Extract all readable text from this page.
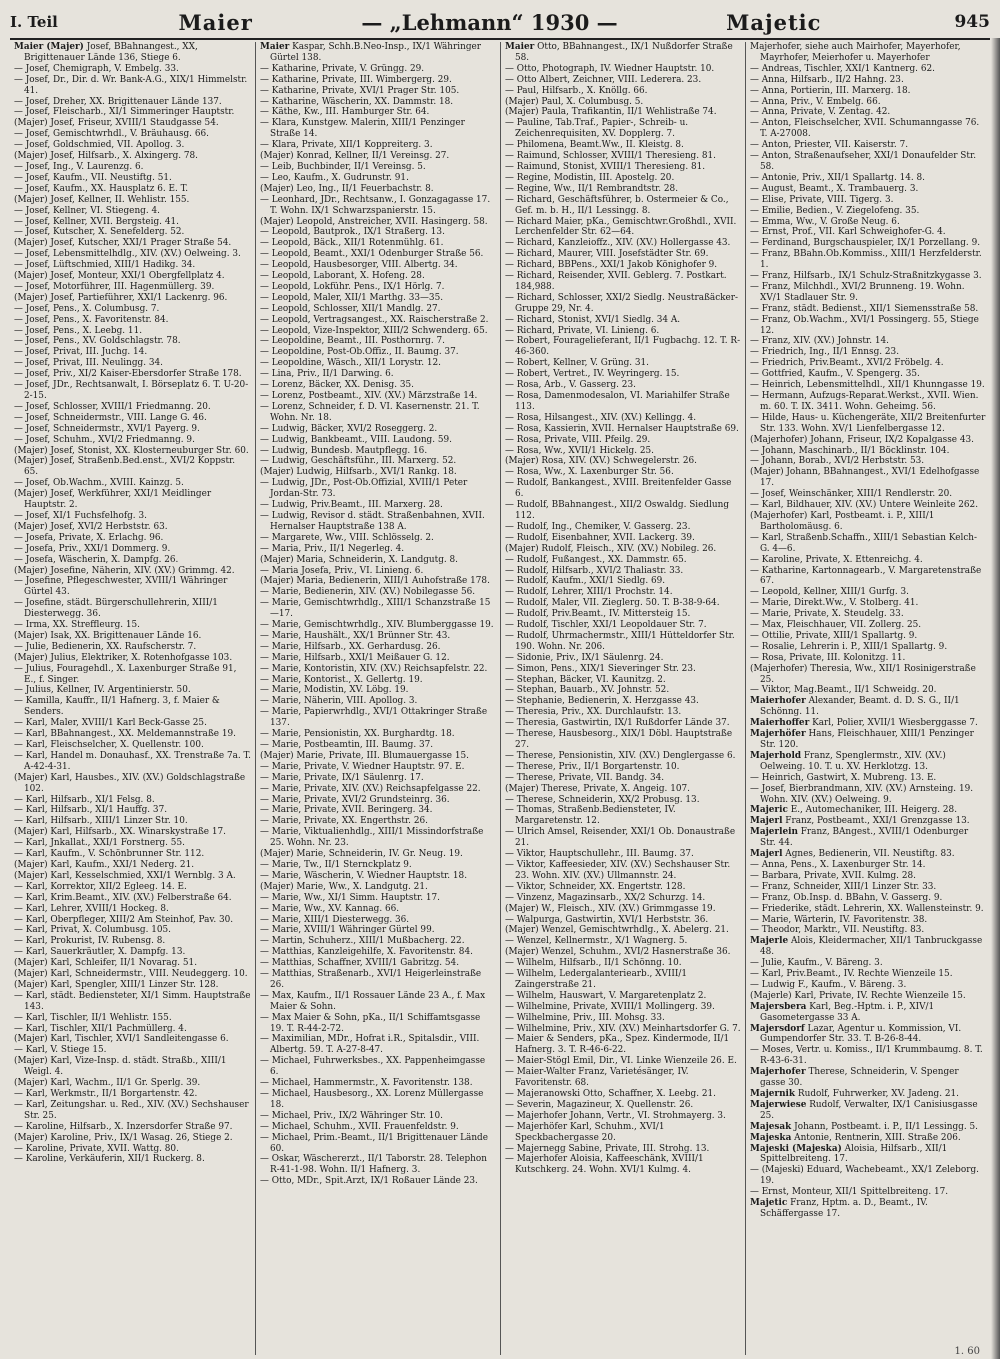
I. Teil	Maier	— „Lehmann“ 1930 —	Majetic	945

Maier (Majer) Josef, BBahnangest., XX, Brigittenauer Lände 136, Stiege 6.

— Josef, Chemigraph, V. Embelg. 33.

— Josef, Dr., Dir. d. Wr. Bank-A.G., XIX/1 Himmelstr. 41.

— Josef, Dreher, XX. Brigittenauer Lände 137.

— Josef, Fleischarb., XI/1 Simmeringer Hauptstr.

(Majer) Josef, Friseur, XVIII/1 Staudgasse 54.

— Josef, Gemischtwrhdl., V. Bräuhausg. 66.

— Josef, Goldschmied, VII. Apollog. 3.

(Majer) Josef, Hilfsarb., X. Alxingerg. 78.

— Josef, Ing., V. Laurenzg. 6.

— Josef, Kaufm., VII. Neustiftg. 51.

— Josef, Kaufm., XX. Hausplatz 6. E. T.

(Majer) Josef, Kellner, II. Wehlistr. 155.

— Josef, Kellner, VI. Stiegeng. 4.

— Josef, Kellner, XVII. Bergsteig. 41.

— Josef, Kutscher, X. Senefelderg. 52.

(Majer) Josef, Kutscher, XXI/1 Prager Straße 54.

— Josef, Lebensmittelhdlg., XIV. (XV.) Oelweing. 3.

— Josef, Lüftschmied, XIII/1 Hadikg. 34.

(Majer) Josef, Monteur, XXI/1 Obergfellplatz 4.

— Josef, Motorführer, III. Hagenmüllerg. 39.

(Majer) Josef, Partieführer, XXI/1 Lackenrg. 96.

— Josef, Pens., X. Columbusg. 7.

— Josef, Pens., X. Favoritenstr. 84.

— Josef, Pens., X. Leebg. 11.

— Josef, Pens., XV. Goldschlagstr. 78.

— Josef, Privat, III. Juchg. 14.

— Josef, Privat, III. Neulingg. 34.

— Josef, Priv., XI/2 Kaiser-Ebersdorfer Straße 178.

— Josef, JDr., Rechtsanwalt, I. Börseplatz 6. T. U-20-2-15.

— Josef, Schlosser, XVIII/1 Friedmanng. 20.

— Josef, Schneidermstr., VIII. Lange G. 46.

— Josef, Schneidermstr., XVI/1 Payerg. 9.

— Josef, Schuhm., XVI/2 Friedmanng. 9.

(Majer) Josef, Stonist, XX. Klosterneuburger Str. 60.

(Majer) Josef, Straßenb.Bed.enst., XVI/2 Koppstr. 65.

— Josef, Ob.Wachm., XVIII. Kainzg. 5.

(Majer) Josef, Werkführer, XXI/1 Meidlinger Hauptstr. 2.

— Josef, XI/1 Fuchsfelhofg. 3.

(Majer) Josef, XVI/2 Herbststr. 63.

— Josefa, Private, X. Erlachg. 96.

— Josefa, Priv., XXI/1 Dommerg. 9.

— Josefa, Wäscherin, X. Dampfg. 26.

(Majer) Josefine, Näherin, XIV. (XV.) Grimmg. 42.

— Josefine, Pflegeschwester, XVIII/1 Währinger Gürtel 43.

— Josefine, städt. Bürgerschullehrerin, XIII/1 Diesterwegg. 36.

— Irma, XX. Streffleurg. 15.

(Majer) Isak, XX. Brigittenauer Lände 16.

— Julie, Bedienerin, XX. Raufscherstr. 7.

(Majer) Julius, Elektriker, X. Rotenhofgasse 103.

— Julius, Fouragehdl., X. Laxenburger Straße 91, E., f. Singer.

— Julius, Kellner, IV. Argentinierstr. 50.

— Kamilla, Kauffr., II/1 Hafnerg. 3, f. Maier & Senders.

— Karl, Maler, XVIII/1 Karl Beck-Gasse 25.

— Karl, BBahnangest., XX. Meldemannstraße 19.

— Karl, Fleischselcher, X. Quellenstr. 100.

— Karl, Handel m. Donauhasf., XX. Trenstraße 7a. T. A-42-4-31.

(Majer) Karl, Hausbes., XIV. (XV.) Goldschlagstraße 102.

— Karl, Hilfsarb., XI/1 Felsg. 8.

— Karl, Hilfsarb., XI/1 Hauffg. 37.

— Karl, Hilfsarb., XIII/1 Linzer Str. 10.

(Majer) Karl, Hilfsarb., XX. Winarskystraße 17.

— Karl, Jnkallat., XXI/1 Forstnerg. 55.

— Karl, Kaufm., V. Schönbrunner Str. 112.

(Majer) Karl, Kaufm., XXI/1 Nederg. 21.

(Majer) Karl, Kesselschmied, XXI/1 Wernblg. 3 A.

— Karl, Korrektor, XII/2 Egleeg. 14. E.

— Karl, Krim.Beamt., XIV. (XV.) Felberstraße 64.

— Karl, Lehrer, XVIII/1 Hockeg. 8.

— Karl, Oberpfleger, XIII/2 Am Steinhof, Pav. 30.

— Karl, Privat, X. Columbusg. 105.

— Karl, Prokurist, IV. Rubensg. 8.

— Karl, Sauerkräutler, X. Dampfg. 13.

(Majer) Karl, Schleifer, II/1 Novarag. 51.

(Majer) Karl, Schneidermstr., VIII. Neudeggerg. 10.

(Majer) Karl, Spengler, XIII/1 Linzer Str. 128.

— Karl, städt. Bediensteter, XI/1 Simm. Hauptstraße 143.

— Karl, Tischler, II/1 Wehlistr. 155.

— Karl, Tischler, XII/1 Pachmüllerg. 4.

(Majer) Karl, Tischler, XVI/1 Sandleitengasse 6.

— Karl, V. Stiege 15.

(Majer) Karl, Vize-Insp. d. städt. Straßb., XIII/1 Weigl. 4.

(Majer) Karl, Wachm., II/1 Gr. Sperlg. 39.

— Karl, Werkmstr., II/1 Borgartenstr. 42.

— Karl, Zeitungshar. u. Red., XIV. (XV.) Sechshauser Str. 25.

— Karoline, Hilfsarb., X. Inzersdorfer Straße 97.

(Majer) Karoline, Priv., IX/1 Wasag. 26, Stiege 2.

— Karoline, Private, XVII. Wattg. 80.

— Karoline, Verkäuferin, XII/1 Ruckerg. 8.

Maier Kaspar, Schh.B.Neo-Insp., IX/1 Währinger Gürtel 138.

— Katharine, Private, V. Grüngg. 29.

— Katharine, Private, III. Wimbergerg. 29.

— Katharine, Private, XVI/1 Prager Str. 105.

— Katharine, Wäscherin, XX. Dammstr. 18.

— Käthe, Kw., III. Hamburger Str. 64.

— Klara, Kunstgew. Malerin, XIII/1 Penzinger Straße 14.

— Klara, Private, XII/1 Koppreiterg. 3.

(Majer) Konrad, Kellner, II/1 Vereinsg. 27.

— Leib, Buchbinder, II/1 Vereinsg. 5.

— Leo, Kaufm., X. Gudrunstr. 91.

(Majer) Leo, Ing., II/1 Feuerbachstr. 8.

— Leonhard, JDr., Rechtsanw., I. Gonzagagasse 17. T. Wohn. IX/1 Schwarzspanierstr. 15.

(Majer) Leopold, Anstreicher, XVII. Hasingerg. 58.

— Leopold, Bautprok., IX/1 Straßerg. 13.

— Leopold, Bäck., XII/1 Rotenmühlg. 61.

— Leopold, Beamt., XXI/1 Odenburger Straße 56.

— Leopold, Hausbesorger, VIII. Albertg. 34.

— Leopold, Laborant, X. Hofeng. 28.

— Leopold, Lokführ. Pens., IX/1 Hörlg. 7.

— Leopold, Maler, XII/1 Marthg. 33—35.

— Leopold, Schlosser, XII/1 Mandlg. 27.

— Leopold, Vertragsangest., XX. Raischerstraße 2.

— Leopold, Vize-Inspektor, XIII/2 Schwenderg. 65.

— Leopoldine, Beamt., III. Posthornrg. 7.

— Leopoldine, Post-Ob.Offiz., II. Baumg. 37.

— Leopoldine, Wäsch., XII/1 Lorystr. 12.

— Lina, Priv., II/1 Darwing. 6.

— Lorenz, Bäcker, XX. Denisg. 35.

— Lorenz, Postbeamt., XIV. (XV.) Märzstraße 14.

— Lorenz, Schneider, f. D. VI. Kasernenstr. 21. T. Wohn. Nr. 18.

— Ludwig, Bäcker, XVI/2 Roseggerg. 2.

— Ludwig, Bankbeamt., VIII. Laudong. 59.

— Ludwig, Bundesb. Mautpflegg. 16.

— Ludwig, Geschäftsführ., III. Marxerg. 52.

(Majer) Ludwig, Hilfsarb., XVI/1 Rankg. 18.

— Ludwig, JDr., Post-Ob.Offizial, XVIII/1 Peter Jordan-Str. 73.

— Ludwig, Priv.Beamt., III. Marxerg. 28.

— Ludwig, Revisor d. städt. Straßenbahnen, XVII. Hernalser Hauptstraße 138 A.

— Margarete, Ww., VIII. Schlösselg. 2.

— Maria, Priv., II/1 Negerleg. 4.

(Majer) Maria, Schneiderin, X. Landgutg. 8.

— Maria Josefa, Priv., VI. Linieng. 6.

(Majer) Maria, Bedienerin, XIII/1 Auhofstraße 178.

— Marie, Bedienerin, XIV. (XV.) Nobilegasse 56.

— Marie, Gemischtwrhdlg., XIII/1 Schanzstraße 15—17.

— Marie, Gemischtwrhdlg., XIV. Blumberggasse 19.

— Marie, Haushält., XX/1 Brünner Str. 43.

— Marie, Hilfsarb., XX. Gerhardusg. 26.

— Marie, Hilfsarb., XXI/1 Meißauer G. 12.

— Marie, Kontoristin, XIV. (XV.) Reichsapfelstr. 22.

— Marie, Kontorist., X. Gellertg. 19.

— Marie, Modistin, XV. Löbg. 19.

— Marie, Näherin, VIII. Apollog. 3.

— Marie, Papierwrhdlg., XVI/1 Ottakringer Straße 137.

— Marie, Pensionistin, XX. Burghardtg. 18.

— Marie, Postbeamtin, III. Baumg. 37.

(Majer) Marie, Private, III. Blumauergasse 15.

— Marie, Private, V. Wiedner Hauptstr. 97. E.

— Marie, Private, IX/1 Säulenrg. 17.

— Marie, Private, XIV. (XV.) Reichsapfelgasse 22.

— Marie, Private, XVI/2 Grundsteinrg. 36.

— Marie, Private, XVII. Beringerg. 34.

— Marie, Private, XX. Engerthstr. 26.

— Marie, Viktualienhdlg., XIII/1 Missindorfstraße 25. Wohn. Nr. 23.

(Majer) Marie, Schneiderin, IV. Gr. Neug. 19.

— Marie, Tw., II/1 Sternckplatz 9.

— Marie, Wäscherin, V. Wiedner Hauptstr. 18.

(Majer) Marie, Ww., X. Landgutg. 21.

— Marie, Ww., XI/1 Simm. Hauptstr. 17.

— Marie, Ww., XV. Kannag. 66.

— Marie, XIII/1 Diesterwegg. 36.

— Marie, XVIII/1 Währinger Gürtel 99.

— Martin, Schuherz., XIII/1 Mußbacherg. 22.

— Matthias, Kanzleigehilfe, X. Favoritenstr. 84.

— Matthias, Schaffner, XVIII/1 Gabritzg. 54.

— Matthias, Straßenarb., XVI/1 Heigerleinstraße 26.

— Max, Kaufm., II/1 Rossauer Lände 23 A., f. Max Maier & Sohn.

— Max Maier & Sohn, pKa., II/1 Schiffamtsgasse 19. T. R-44-2-72.

— Maximilian, MDr., Hofrat i.R., Spitalsdir., VIII. Albertg. 59. T. A-27-8-47.

— Michael, Fuhrwerksbes., XX. Pappenheimgasse 6.

— Michael, Hammermstr., X. Favoritenstr. 138.

— Michael, Hausbesorg., XX. Lorenz Müllergasse 18.

— Michael, Priv., IX/2 Währinger Str. 10.

— Michael, Schuhm., XVII. Frauenfeldstr. 9.

— Michael, Prim.-Beamt., II/1 Brigittenauer Lände 60.

— Oskar, Wäschererzt., II/1 Taborstr. 28. Telephon R-41-1-98. Wohn. II/1 Hafnerg. 3.

— Otto, MDr., Spit.Arzt, IX/1 Roßauer Lände 23.

Maier Otto, BBahnangest., IX/1 Nußdorfer Straße 58.

— Otto, Photograph, IV. Wiedner Hauptstr. 10.

— Otto Albert, Zeichner, VIII. Lederera. 23.

— Paul, Hilfsarb., X. Knöllg. 66.

(Majer) Paul, X. Columbusg. 5.

(Majer) Paula, Trafikantin, II/1 Wehlistraße 74.

— Pauline, Tab.Traf., Papier-, Schreib- u. Zeichenrequisiten, XV. Dopplerg. 7.

— Philomena, Beamt.Ww., II. Kleistg. 8.

— Raimund, Schlosser, XVIII/1 Theresieng. 81.

— Raimund, Stonist, XVIII/1 Theresieng. 81.

— Regine, Modistin, III. Apostelg. 20.

— Regine, Ww., II/1 Rembrandtstr. 28.

— Richard, Geschäftsführer, b. Ostermeier & Co., Gef. m. b. H., II/1 Lessingg. 8.

— Richard Maier, pKa., Gemischtwr.Großhdl., XVII. Lerchenfelder Str. 62—64.

— Richard, Kanzleioffz., XIV. (XV.) Hollergasse 43.

— Richard, Maurer, VIII. Josefstädter Str. 69.

— Richard, BBPens., XXI/1 Jakob Könighofer 9.

— Richard, Reisender, XVII. Geblerg. 7. Postkart. 184,988.

— Richard, Schlosser, XXI/2 Siedlg. Neustraßäcker-Gruppe 29, Nr. 4.

— Richard, Stonist, XVI/1 Siedlg. 34 A.

— Richard, Private, VI. Linieng. 6.

— Robert, Fouragelieferant, II/1 Fugbachg. 12. T. R-46-360.

— Robert, Kellner, V. Grüng. 31.

— Robert, Vertret., IV. Weyringerg. 15.

— Rosa, Arb., V. Gasserg. 23.

— Rosa, Damenmodesalon, VI. Mariahilfer Straße 113.

— Rosa, Hilsangest., XIV. (XV.) Kellingg. 4.

— Rosa, Kassierin, XVII. Hernalser Hauptstraße 69.

— Rosa, Private, VIII. Pfeilg. 29.

— Rosa, Ww., XVII/1 Hickelg. 25.

(Majer) Rosa, XIV. (XV.) Schwegelerstr. 26.

— Rosa, Ww., X. Laxenburger Str. 56.

— Rudolf, Bankangest., XVIII. Breitenfelder Gasse 6.

— Rudolf, BBahnangest., XII/2 Oswaldg. Siedlung 112.

— Rudolf, Ing., Chemiker, V. Gasserg. 23.

— Rudolf, Eisenbahner, XVII. Lackerg. 39.

(Majer) Rudolf, Fleisch., XIV. (XV.) Nobileg. 26.

— Rudolf, Fußangest., XX. Dammstr. 65.

— Rudolf, Hilfsarb., XVI/2 Thaliastr. 33.

— Rudolf, Kaufm., XXI/1 Siedlg. 69.

— Rudolf, Lehrer, XIII/1 Prochstr. 14.

— Rudolf, Maler, VII. Zieglerg. 50. T. B-38-9-64.

— Rudolf, Priv.Beamt., IV. Mittersteig 15.

— Rudolf, Tischler, XXI/1 Leopoldauer Str. 7.

— Rudolf, Uhrmachermstr., XIII/1 Hütteldorfer Str. 190. Wohn. Nr. 206.

— Sidonie, Priv., IX/1 Säulenrg. 24.

— Simon, Pens., XIX/1 Sieveringer Str. 23.

— Stephan, Bäcker, VI. Kaunitzg. 2.

— Stephan, Bauarb., XV. Johnstr. 52.

— Stephanie, Bedienerin, X. Herzgasse 43.

— Theresia, Priv., XX. Durchlaufstr. 13.

— Theresia, Gastwirtin, IX/1 Rußdorfer Lände 37.

— Therese, Hausbesorg., XIX/1 Döbl. Hauptstraße 27.

— Therese, Pensionistin, XIV. (XV.) Denglergasse 6.

— Therese, Priv., II/1 Borgartenstr. 10.

— Therese, Private, VII. Bandg. 34.

(Majer) Therese, Private, X. Angeig. 107.

— Therese, Schneiderin, XX/2 Probusg. 13.

— Thomas, Straßenb.Bediensteter, IV. Margaretenstr. 12.

— Ulrich Amsel, Reisender, XXI/1 Ob. Donaustraße 21.

— Viktor, Hauptschullehr., III. Baumg. 37.

— Viktor, Kaffeesieder, XIV. (XV.) Sechshauser Str. 23. Wohn. XIV. (XV.) Ullmannstr. 24.

— Viktor, Schneider, XX. Engertstr. 128.

— Vinzenz, Magazinsarb., XX/2 Schurzg. 14.

(Majer) W., Fleisch., XIV. (XV.) Grimmgasse 19.

— Walpurga, Gastwirtin, XVI/1 Herbststr. 36.

(Majer) Wenzel, Gemischtwrhdlg., X. Abelerg. 21.

— Wenzel, Kellnermstr., X/1 Wagnerg. 5.

(Majer) Wenzel, Schuhm., XVI/2 Hasnerstraße 36.

— Wilhelm, Hilfsarb., II/1 Schönng. 10.

— Wilhelm, Ledergalanteriearb., XVIII/1 Zaingerstraße 21.

— Wilhelm, Hauswart, V. Margaretenplatz 2.

— Wilhelmine, Private, XVIII/1 Mollingerg. 39.

— Wilhelmine, Priv., III. Mohsg. 33.

— Wilhelmine, Priv., XIV. (XV.) Meinhartsdorfer G. 7.

— Maier & Senders, pKa., Spez. Kindermode, II/1 Hafnerg. 3. T. R-46-6-22.

— Maier-Stögl Emil, Dir., VI. Linke Wienzeile 26. E.

— Maier-Walter Franz, Varietésänger, IV. Favoritenstr. 68.

— Majeranowski Otto, Schaffner, X. Leebg. 21.

— Severin, Magazineur, X. Quellenstr. 26.

— Majerhofer Johann, Vertr., VI. Strohmayerg. 3.

— Majerhöfer Karl, Schuhm., XVI/1 Speckbachergasse 20.

— Majernegg Sabine, Private, III. Strohg. 13.

— Majerhofer Aloisia, Kaffeeschänk, XVIII/1 Kutschkerg. 24. Wohn. XVI/1 Kulmg. 4.

Majerhofer, siehe auch Mairhofer, Mayerhofer, Mayrhofer, Meierhofer u. Mayerhofer

— Andreas, Tischler, XXI/1 Kantnerg. 62.

— Anna, Hilfsarb., II/2 Hahng. 23.

— Anna, Portierin, III. Marxerg. 18.

— Anna, Priv., V. Embelg. 66.

— Anna, Private, V. Zentag. 42.

— Anton, Fleischselcher, XVII. Schumanngasse 76. T. A-27008.

— Anton, Priester, VII. Kaiserstr. 7.

— Anton, Straßenaufseher, XXI/1 Donaufelder Str. 58.

— Antonie, Priv., XII/1 Spallartg. 14. 8.

— August, Beamt., X. Trambauerg. 3.

— Elise, Private, VIII. Tigerg. 3.

— Emilie, Bedien., V. Ziegelofeng. 35.

— Emma, Ww., V. Große Neug. 6.

— Ernst, Prof., VII. Karl Schweighofer-G. 4.

— Ferdinand, Burgschauspieler, IX/1 Porzellang. 9.

— Franz, BBahn.Ob.Kommiss., XIII/1 Herzfelderstr. 1.

— Franz, Hilfsarb., IX/1 Schulz-Straßnitzkygasse 3.

— Franz, Milchhdl., XVI/2 Brunneng. 19. Wohn. XV/1 Stadlauer Str. 9.

— Franz, städt. Bedienst., XII/1 Siemensstraße 58.

— Franz, Ob.Wachm., XVI/1 Possingerg. 55, Stiege 12.

— Franz, XIV. (XV.) Johnstr. 14.

— Friedrich, Ing., II/1 Ennsg. 23.

— Friedrich, Priv.Beamt., XVI/2 Fröbelg. 4.

— Gottfried, Kaufm., V. Spengerg. 35.

— Heinrich, Lebensmittelhdl., XII/1 Khunngasse 19.

— Hermann, Aufzugs-Reparat.Werkst., XVII. Wien. m. 60. T. IX. 3411. Wohn. Geheimg. 56.

— Hilde, Haus- u. Küchengeräte, XII/2 Breitenfurter Str. 133. Wohn. XV/1 Lienfelbergasse 12.

(Majerhofer) Johann, Friseur, IX/2 Kopalgasse 43.

— Johann, Maschinarb., II/1 Böcklinstr. 104.

— Johann, Borab., XVI/2 Herbststr. 53.

(Majer) Johann, BBahnangest., XVI/1 Edelhofgasse 17.

— Josef, Weinschänker, XIII/1 Rendlerstr. 20.

— Karl, Bildhauer, XIV. (XV.) Untere Weinleite 262.

(Majerhofer) Karl, Postbeamt. i. P., XIII/1 Bartholomäusg. 6.

— Karl, Straßenb.Schaffn., XIII/1 Sebastian Kelch-G. 4—6.

— Karoline, Private, X. Ettenreichg. 4.

— Katharine, Kartonnagearb., V. Margaretenstraße 67.

— Leopold, Kellner, XIII/1 Gurfg. 3.

— Marie, Direkt.Ww., V. Stolberg. 41.

— Marie, Private, X. Steudelg. 33.

— Max, Fleischhauer, VII. Zollerg. 25.

— Ottilie, Private, XIII/1 Spallartg. 9.

— Rosalie, Lehrerin i. P., XIII/1 Spallartg. 9.

— Rosa, Private, III. Kolonitzg. 11.

(Majerhofer) Theresia, Ww., XII/1 Rosinigerstraße 25.

— Viktor, Mag.Beamt., II/1 Schweidg. 20.

Maierhofer Alexander, Beamt. d. D. S. G., II/1 Schönng. 11.

Maierhoffer Karl, Polier, XVII/1 Wiesberggasse 7.

Majerhöfer Hans, Fleischhauer, XIII/1 Penzinger Str. 120.

Majerhold Franz, Spenglermstr., XIV. (XV.) Oelweing. 10. T. u. XV. Herklotzg. 13.

— Heinrich, Gastwirt, X. Mubreng. 13. E.

— Josef, Bierbrandmann, XIV. (XV.) Arnsteing. 19. Wohn. XIV. (XV.) Oelweing. 9.

Majeric E., Automechaniker, III. Heigerg. 28.

Majerl Franz, Postbeamt., XXI/1 Grenzgasse 13.

Majerlein Franz, BAngest., XVIII/1 Odenburger Str. 44.

Majerl Agnes, Bedienerin, VII. Neustiftg. 83.

— Anna, Pens., X. Laxenburger Str. 14.

— Barbara, Private, XVII. Kulmg. 28.

— Franz, Schneider, XIII/1 Linzer Str. 33.

— Franz, Ob.Insp. d. BBahn, V. Gasserg. 9.

— Friederike, städt. Lehrerin, XX. Wallensteinstr. 9.

— Marie, Wärterin, IV. Favoritenstr. 38.

— Theodor, Marktr., VII. Neustiftg. 83.

Majerle Alois, Kleidermacher, XII/1 Tanbruckgasse 48.

— Julie, Kaufm., V. Bäreng. 3.

— Karl, Priv.Beamt., IV. Rechte Wienzeile 15.

— Ludwig F., Kaufm., V. Bäreng. 3.

(Majerle) Karl, Private, IV. Rechte Wienzeile 15.

Majersbera Karl, Beg.-Hptm. i. P., XIV/1 Gasometergasse 33 A.

Majersdorf Lazar, Agentur u. Kommission, VI. Gumpendorfer Str. 33. T. B-26-8-44.

— Moses, Vertr. u. Komiss., II/1 Krummbaumg. 8. T. R-43-6-31.

Majerhofer Therese, Schneiderin, V. Spenger gasse 30.

Majernik Rudolf, Fuhrwerker, XV. Jadeng. 21.

Majerwiese Rudolf, Verwalter, IX/1 Canisiusgasse 25.

Majesak Johann, Postbeamt. i. P., II/1 Lessingg. 5.

Majeska Antonie, Rentnerin, XIII. Straße 206.

Majeski (Majeska) Aloisia, Hilfsarb., XII/1 Spittelbreiteng. 17.

— (Majeski) Eduard, Wachebeamt., XX/1 Zeleborg. 19.

— Ernst, Monteur, XII/1 Spittelbreiteng. 17.

Majetic Franz, Hptm. a. D., Beamt., IV. Schäffergasse 17.

1. 60
